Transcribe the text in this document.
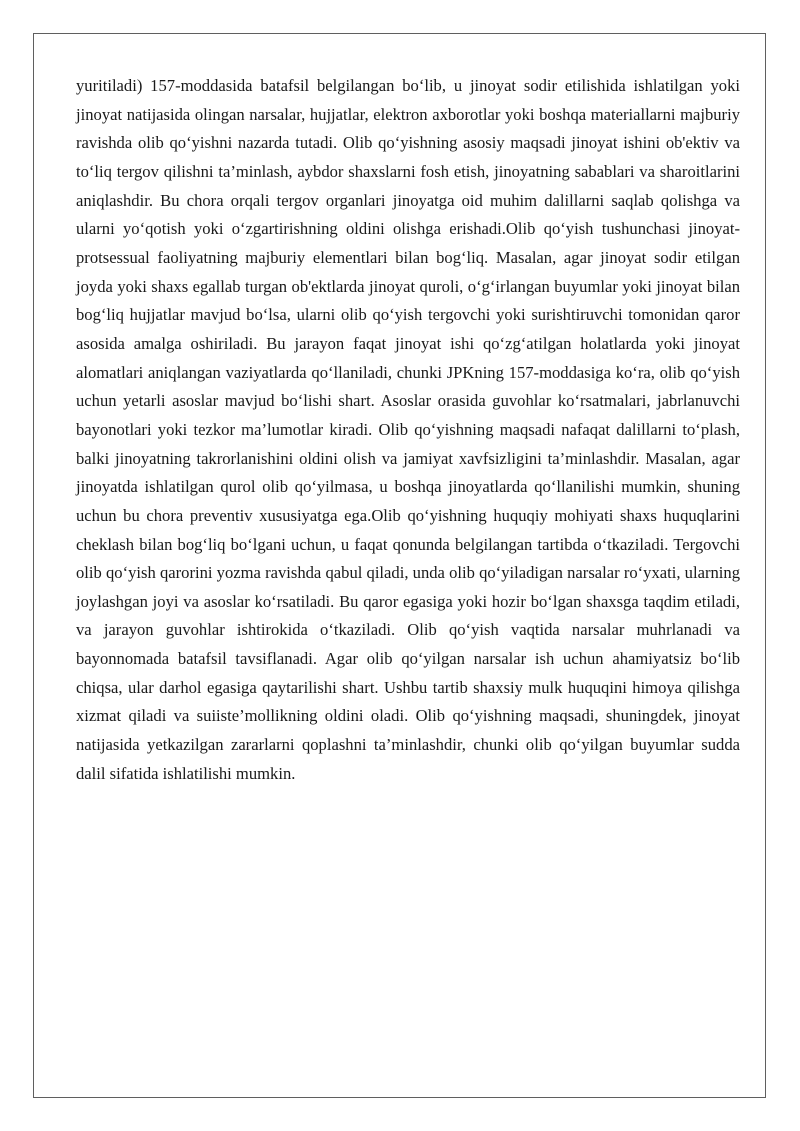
yuritiladi) 157-moddasida batafsil belgilangan bo‘lib, u jinoyat sodir etilishida ishlatilgan yoki jinoyat natijasida olingan narsalar, hujjatlar, elektron axborotlar yoki boshqa materiallarni majburiy ravishda olib qo‘yishni nazarda tutadi. Olib qo‘yishning asosiy maqsadi jinoyat ishini ob'ektiv va to‘liq tergov qilishni ta’minlash, aybdor shaxslarni fosh etish, jinoyatning sabablari va sharoitlarini aniqlashdir. Bu chora orqali tergov organlari jinoyatga oid muhim dalillarni saqlab qolishga va ularni yo‘qotish yoki o‘zgartirishning oldini olishga erishadi.Olib qo‘yish tushunchasi jinoyat-protsessual faoliyatning majburiy elementlari bilan bog‘liq. Masalan, agar jinoyat sodir etilgan joyda yoki shaxs egallab turgan ob'ektlarda jinoyat quroli, o‘g‘irlangan buyumlar yoki jinoyat bilan bog‘liq hujjatlar mavjud bo‘lsa, ularni olib qo‘yish tergovchi yoki surishtiruvchi tomonidan qaror asosida amalga oshiriladi. Bu jarayon faqat jinoyat ishi qo‘zg‘atilgan holatlarda yoki jinoyat alomatlari aniqlangan vaziyatlarda qo‘llaniladi, chunki JPKning 157-moddasiga ko‘ra, olib qo‘yish uchun yetarli asoslar mavjud bo‘lishi shart. Asoslar orasida guvohlar ko‘rsatmalari, jabrlanuvchi bayonotlari yoki tezkor ma’lumotlar kiradi. Olib qo‘yishning maqsadi nafaqat dalillarni to‘plash, balki jinoyatning takrorlanishini oldini olish va jamiyat xavfsizligini ta’minlashdir. Masalan, agar jinoyatda ishlatilgan qurol olib qo‘yilmasa, u boshqa jinoyatlarda qo‘llanilishi mumkin, shuning uchun bu chora preventiv xususiyatga ega.Olib qo‘yishning huquqiy mohiyati shaxs huquqlarini cheklash bilan bog‘liq bo‘lgani uchun, u faqat qonunda belgilangan tartibda o‘tkaziladi. Tergovchi olib qo‘yish qarorini yozma ravishda qabul qiladi, unda olib qo‘yiladigan narsalar ro‘yxati, ularning joylashgan joyi va asoslar ko‘rsatiladi. Bu qaror egasiga yoki hozir bo‘lgan shaxsga taqdim etiladi, va jarayon guvohlar ishtirokida o‘tkaziladi. Olib qo‘yish vaqtida narsalar muhrlanadi va bayonnomada batafsil tavsiflanadi. Agar olib qo‘yilgan narsalar ish uchun ahamiyatsiz bo‘lib chiqsa, ular darhol egasiga qaytarilishi shart. Ushbu tartib shaxsiy mulk huquqini himoya qilishga xizmat qiladi va suiiste’mollikning oldini oladi. Olib qo‘yishning maqsadi, shuningdek, jinoyat natijasida yetkazilgan zararlarni qoplashni ta’minlashdir, chunki olib qo‘yilgan buyumlar sudda dalil sifatida ishlatilishi mumkin.
